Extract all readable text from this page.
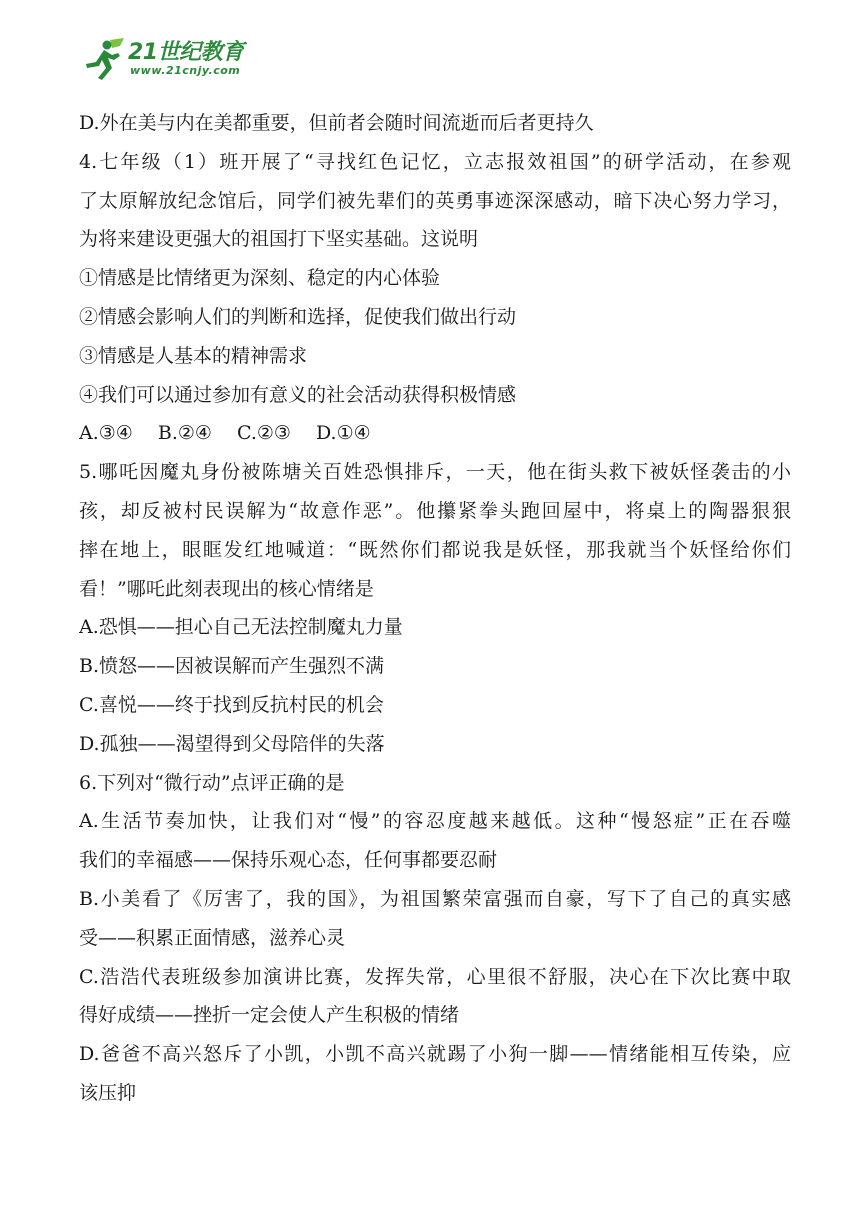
21世纪教育
www.21cnjy.com
D.外在美与内在美都重要，但前者会随时间流逝而后者更持久
4.七年级（1）班开展了“寻找红色记忆，立志报效祖国”的研学活动，在参观
了太原解放纪念馆后，同学们被先辈们的英勇事迹深深感动，暗下决心努力学习，
为将来建设更强大的祖国打下坚实基础。这说明
①情感是比情绪更为深刻、稳定的内心体验
②情感会影响人们的判断和选择，促使我们做出行动
③情感是人基本的精神需求
④我们可以通过参加有意义的社会活动获得积极情感
A.③④　 B.②④　 C.②③　 D.①④
5.哪吒因魔丸身份被陈塘关百姓恐惧排斥，一天，他在街头救下被妖怪袭击的小
孩，却反被村民误解为“故意作恶”。他攥紧拳头跑回屋中，将桌上的陶器狠狠
摔在地上，眼眶发红地喊道：“既然你们都说我是妖怪，那我就当个妖怪给你们
看！”哪吒此刻表现出的核心情绪是
A.恐惧——担心自己无法控制魔丸力量
B.愤怒——因被误解而产生强烈不满
C.喜悦——终于找到反抗村民的机会
D.孤独——渴望得到父母陪伴的失落
6.下列对“微行动”点评正确的是
A.生活节奏加快，让我们对“慢”的容忍度越来越低。这种“慢怒症”正在吞噬
我们的幸福感——保持乐观心态，任何事都要忍耐
B.小美看了《厉害了，我的国》，为祖国繁荣富强而自豪，写下了自己的真实感
受——积累正面情感，滋养心灵
C.浩浩代表班级参加演讲比赛，发挥失常，心里很不舒服，决心在下次比赛中取
得好成绩——挫折一定会使人产生积极的情绪
D.爸爸不高兴怒斥了小凯，小凯不高兴就踢了小狗一脚——情绪能相互传染，应
该压抑
